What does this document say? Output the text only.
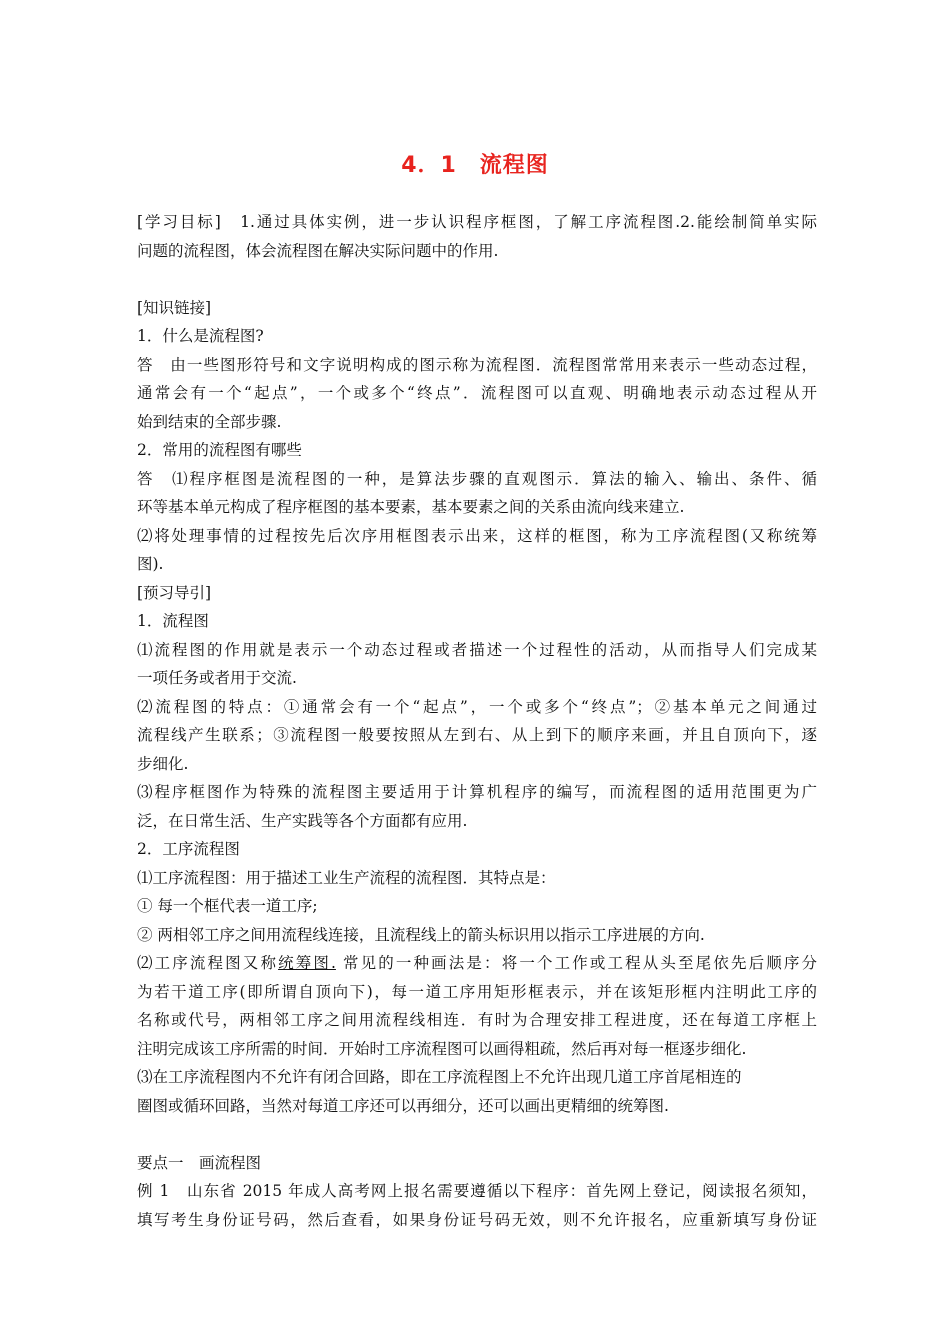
4．1　流程图
[学习目标]　1.通过具体实例，进一步认识程序框图，了解工序流程图.2.能绘制简单实际
问题的流程图，体会流程图在解决实际问题中的作用.
[知识链接]
1．什么是流程图?
答　由一些图形符号和文字说明构成的图示称为流程图．流程图常常用来表示一些动态过程，
通常会有一个“起点”，一个或多个“终点”．流程图可以直观、明确地表示动态过程从开
始到结束的全部步骤.
2．常用的流程图有哪些
答　⑴程序框图是流程图的一种，是算法步骤的直观图示．算法的输入、输出、条件、循
环等基本单元构成了程序框图的基本要素，基本要素之间的关系由流向线来建立.
⑵将处理事情的过程按先后次序用框图表示出来，这样的框图，称为工序流程图(又称统筹
图).
[预习导引]
1．流程图
⑴流程图的作用就是表示一个动态过程或者描述一个过程性的活动，从而指导人们完成某
一项任务或者用于交流.
⑵流程图的特点：①通常会有一个“起点”，一个或多个“终点”；②基本单元之间通过
流程线产生联系；③流程图一般要按照从左到右、从上到下的顺序来画，并且自顶向下，逐
步细化.
⑶程序框图作为特殊的流程图主要适用于计算机程序的编写，而流程图的适用范围更为广
泛，在日常生活、生产实践等各个方面都有应用.
2．工序流程图
⑴工序流程图：用于描述工业生产流程的流程图．其特点是：
① 每一个框代表一道工序;
② 两相邻工序之间用流程线连接，且流程线上的箭头标识用以指示工序进展的方向.
⑵工序流程图又称统筹图. 常见的一种画法是：将一个工作或工程从头至尾依先后顺序分
为若干道工序(即所谓自顶向下)，每一道工序用矩形框表示，并在该矩形框内注明此工序的
名称或代号，两相邻工序之间用流程线相连．有时为合理安排工程进度，还在每道工序框上
注明完成该工序所需的时间．开始时工序流程图可以画得粗疏，然后再对每一框逐步细化.
⑶在工序流程图内不允许有闭合回路，即在工序流程图上不允许出现几道工序首尾相连的
圈图或循环回路，当然对每道工序还可以再细分，还可以画出更精细的统筹图.
要点一　画流程图
例 1　山东省 2015 年成人高考网上报名需要遵循以下程序：首先网上登记，阅读报名须知，
填写考生身份证号码，然后查看，如果身份证号码无效，则不允许报名，应重新填写身份证
